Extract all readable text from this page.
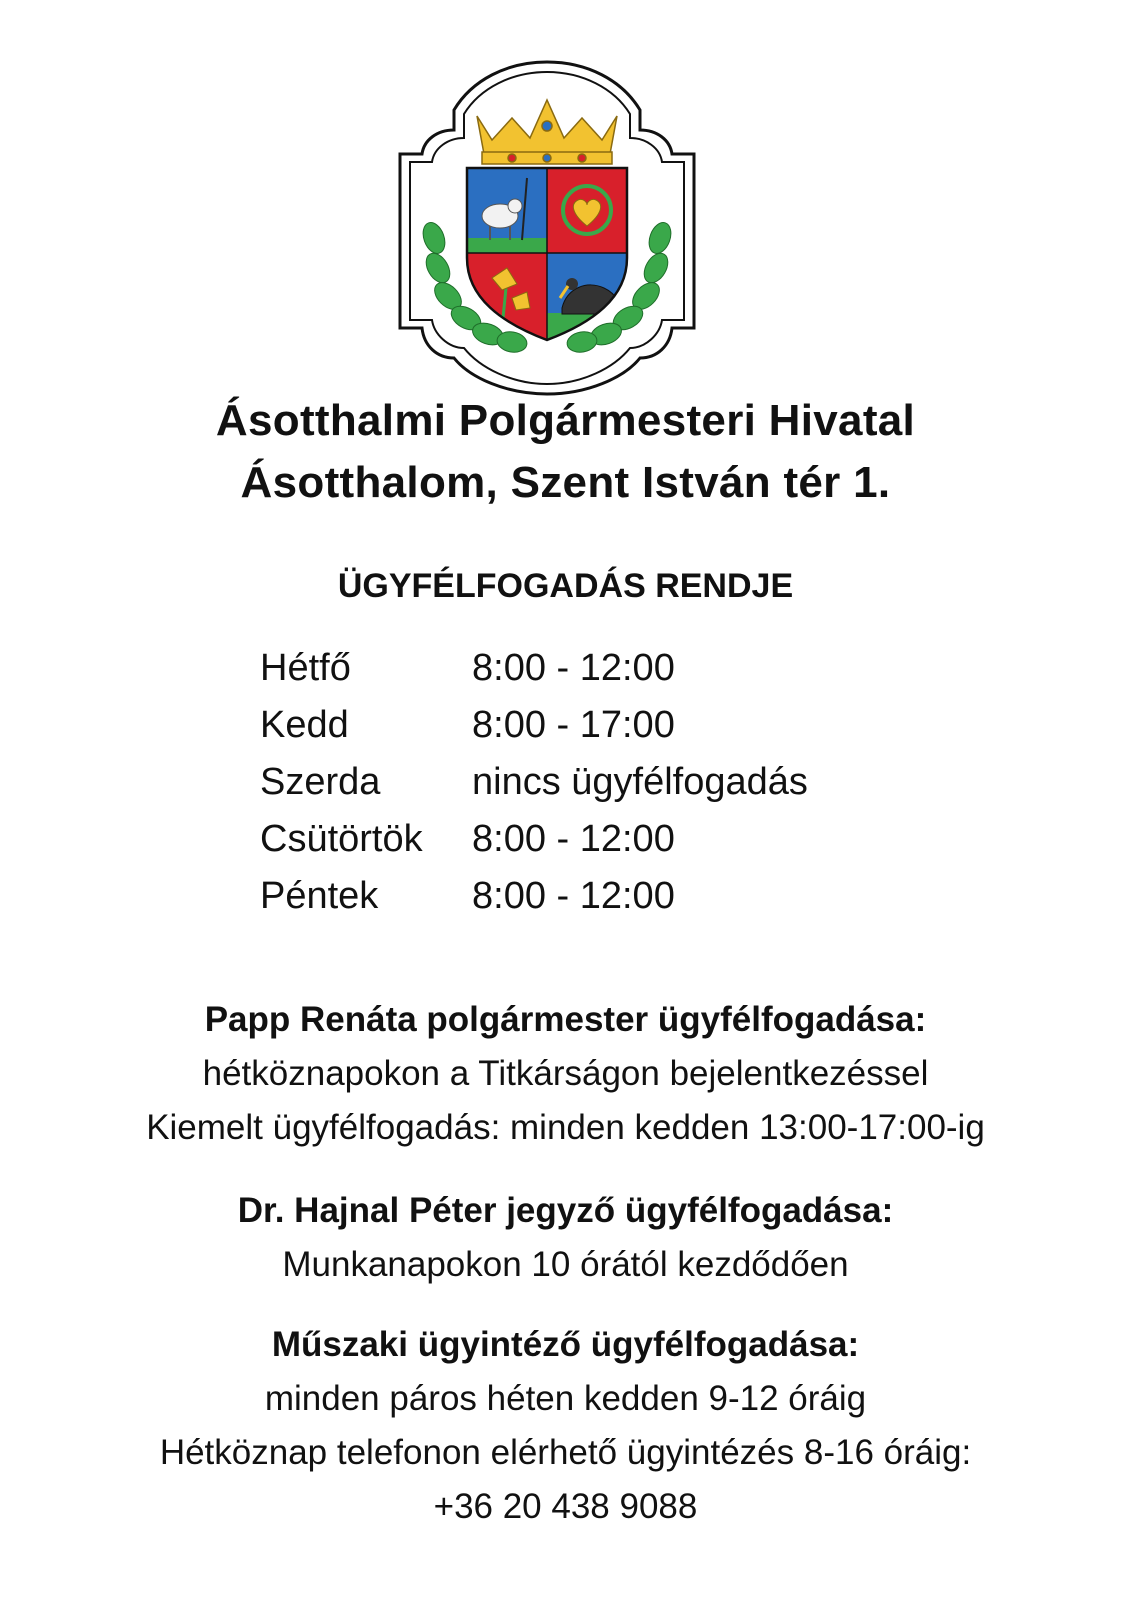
Ásotthalmi Polgármesteri Hivatal
Ásotthalom, Szent István tér 1.
ÜGYFÉLFOGADÁS RENDJE
Hétfő	8:00 - 12:00
Kedd	8:00 - 17:00
Szerda	nincs ügyfélfogadás
Csütörtök	8:00 - 12:00
Péntek	8:00 - 12:00
Papp Renáta polgármester ügyfélfogadása:
hétköznapokon a Titkárságon bejelentkezéssel
Kiemelt ügyfélfogadás: minden kedden 13:00-17:00-ig
Dr. Hajnal Péter jegyző ügyfélfogadása:
Munkanapokon 10 órától kezdődően
Műszaki ügyintéző ügyfélfogadása:
minden páros héten kedden 9-12 óráig
Hétköznap telefonon elérhető ügyintézés 8-16 óráig:
+36 20 438 9088
